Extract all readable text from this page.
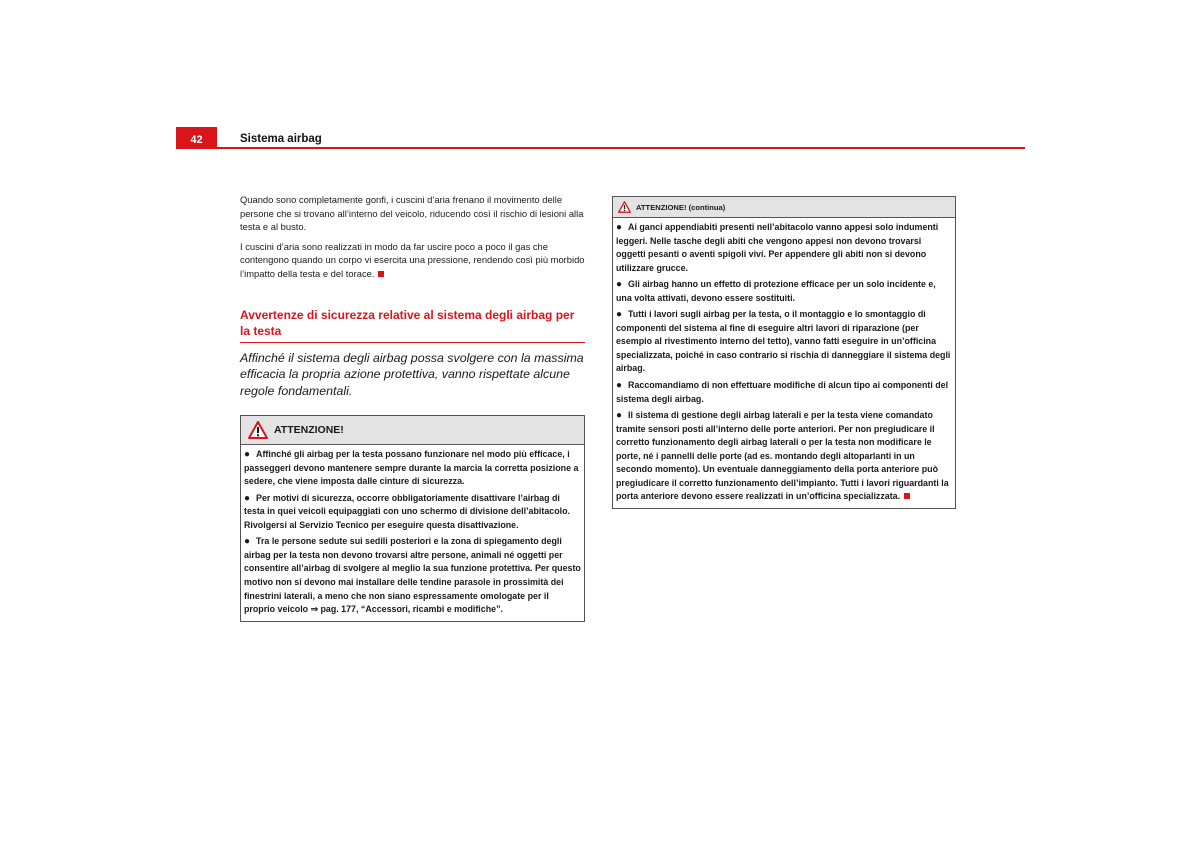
42	Sistema airbag

Quando sono completamente gonfi, i cuscini d’aria frenano il movimento delle persone che si trovano all’interno del veicolo, riducendo così il rischio di lesioni alla testa e al busto.

I cuscini d’aria sono realizzati in modo da far uscire poco a poco il gas che contengono quando un corpo vi esercita una pressione, rendendo così più morbido l’impatto della testa e del torace.

Avvertenze di sicurezza relative al sistema degli airbag per la testa
Affinché il sistema degli airbag possa svolgere con la massima efficacia la propria azione protettiva, vanno rispettate alcune regole fondamentali.
ATTENZIONE!

● Affinché gli airbag per la testa possano funzionare nel modo più efficace, i passeggeri devono mantenere sempre durante la marcia la corretta posizione a sedere, che viene imposta dalle cinture di sicurezza.

● Per motivi di sicurezza, occorre obbligatoriamente disattivare l’airbag di testa in quei veicoli equipaggiati con uno schermo di divisione dell’abitacolo. Rivolgersi al Servizio Tecnico per eseguire questa disattivazione.

● Tra le persone sedute sui sedili posteriori e la zona di spiegamento degli airbag per la testa non devono trovarsi altre persone, animali né oggetti per consentire all’airbag di svolgere al meglio la sua funzione protettiva. Per questo motivo non si devono mai installare delle tendine parasole in prossimità dei finestrini laterali, a meno che non siano espressamente omologate per il proprio veicolo ⇒ pag. 177, “Accessori, ricambi e modifiche”.

ATTENZIONE! (continua)

● Ai ganci appendiabiti presenti nell’abitacolo vanno appesi solo indumenti leggeri. Nelle tasche degli abiti che vengono appesi non devono trovarsi oggetti pesanti o aventi spigoli vivi. Per appendere gli abiti non si devono utilizzare grucce.

● Gli airbag hanno un effetto di protezione efficace per un solo incidente e, una volta attivati, devono essere sostituiti.

● Tutti i lavori sugli airbag per la testa, o il montaggio e lo smontaggio di componenti del sistema al fine di eseguire altri lavori di riparazione (per esempio al rivestimento interno del tetto), vanno fatti eseguire in un’officina specializzata, poiché in caso contrario si rischia di danneggiare il sistema degli airbag.

● Raccomandiamo di non effettuare modifiche di alcun tipo ai componenti del sistema degli airbag.

● Il sistema di gestione degli airbag laterali e per la testa viene comandato tramite sensori posti all’interno delle porte anteriori. Per non pregiudicare il corretto funzionamento degli airbag laterali o per la testa non modificare le porte, né i pannelli delle porte (ad es. montando degli altoparlanti in un secondo momento). Un eventuale danneggiamento della porta anteriore può pregiudicare il corretto funzionamento dell’impianto. Tutti i lavori riguardanti la porta anteriore devono essere realizzati in un’officina specializzata.
